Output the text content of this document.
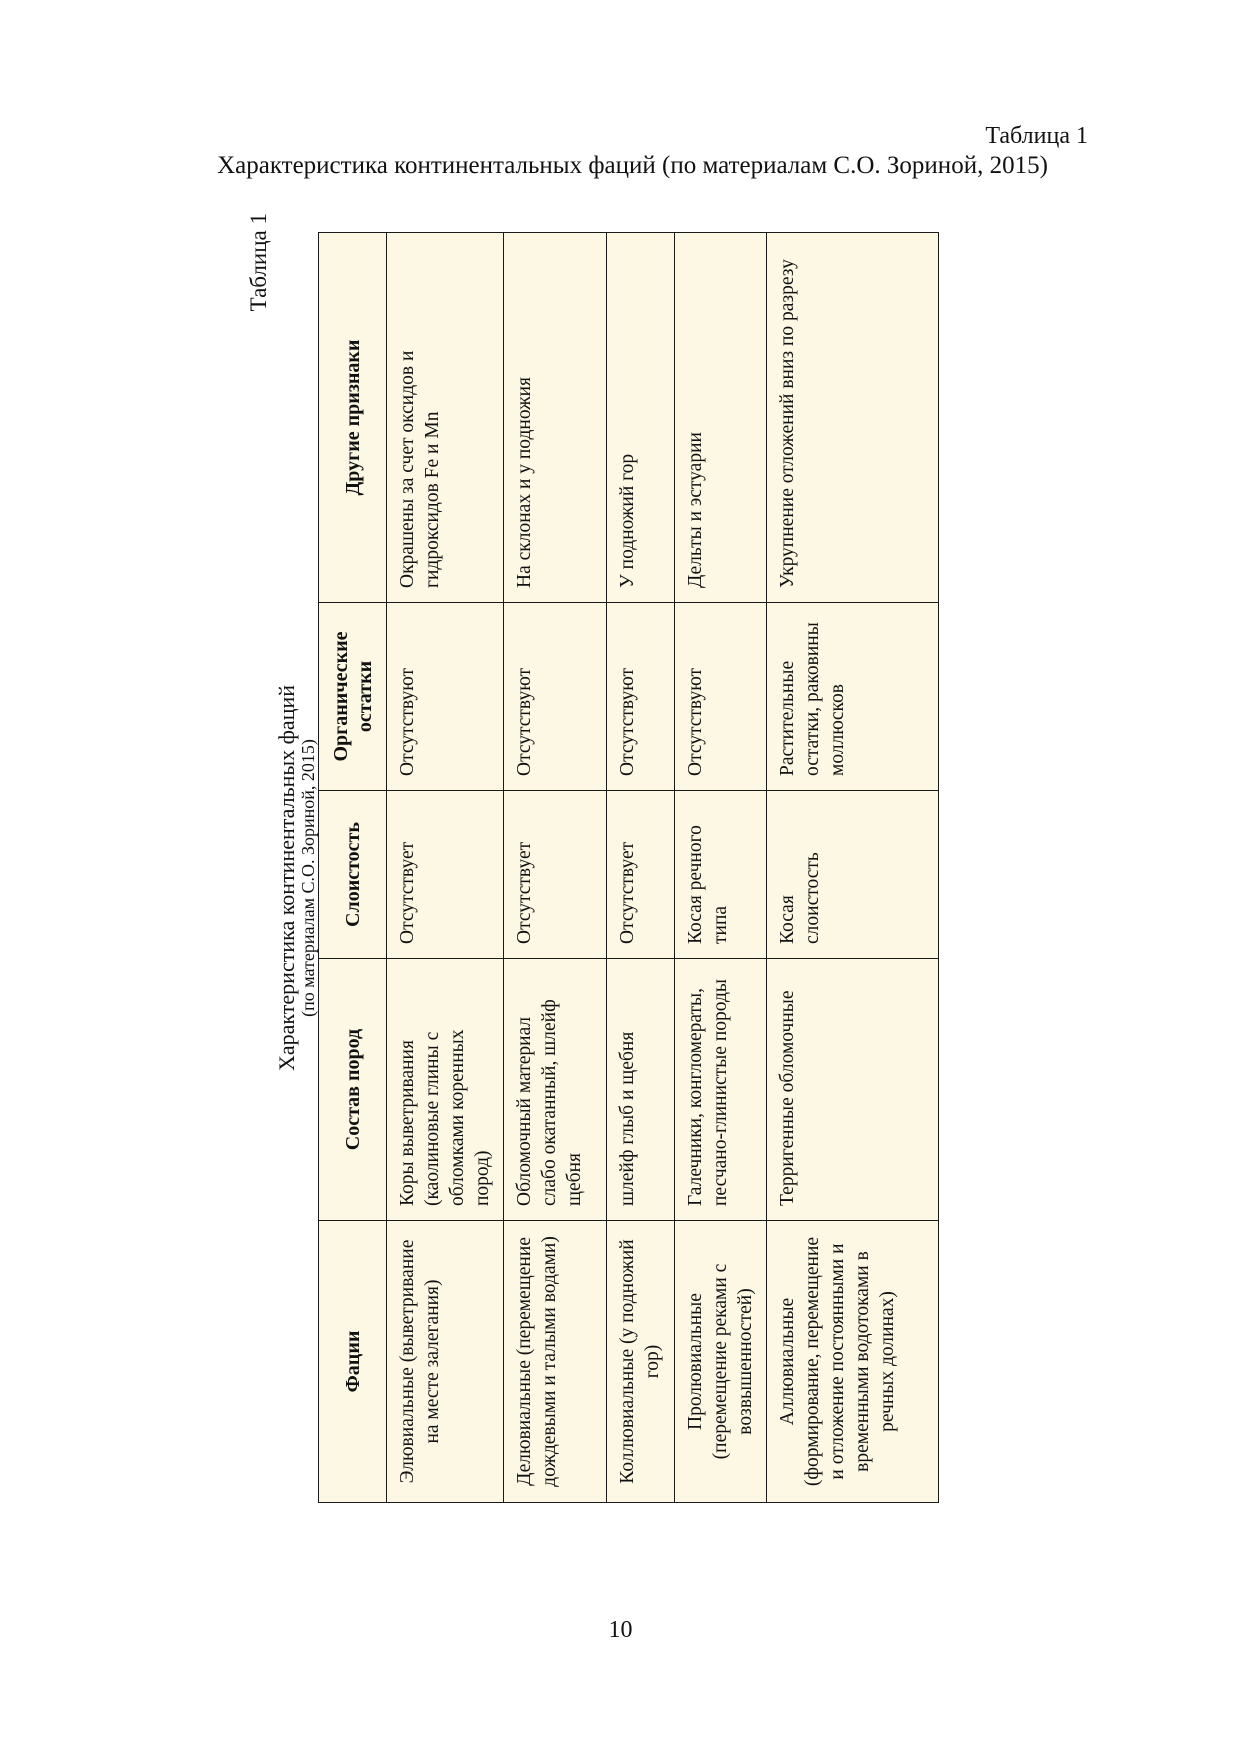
Таблица 1
Характеристика континентальных фаций (по материалам С.О. Зориной, 2015)
Таблица 1
Характеристика континентальных фаций (по материалам С.О. Зориной, 2015)
Фации	Состав пород	Слоистость	Органические остатки	Другие признаки
Элювиальные (выветривание на месте залегания)	Коры выветривания (каолиновые глины с обломками коренных пород)	Отсутствует	Отсутствуют	Окрашены за счет оксидов и гидроксидов Fe и Mn
Делювиальные (перемещение дождевыми и талыми водами)	Обломочный материал слабо окатанный, шлейф щебня	Отсутствует	Отсутствуют	На склонах и у подножия
Коллювиальные (у подножий гор)	шлейф глыб и щебня	Отсутствует	Отсутствуют	У подножий гор
Пролювиальные (перемещение реками с возвышенностей)	Галечники, конгломераты, песчано-глинистые породы	Косая речного типа	Отсутствуют	Дельты и эстуарии
Аллювиальные (формирование, перемещение и отложение постоянными и временными водотоками в речных долинах)	Терригенные обломочные	Косая слоистость	Растительные остатки, раковины моллюсков	Укрупнение отложений вниз по разрезу
10
